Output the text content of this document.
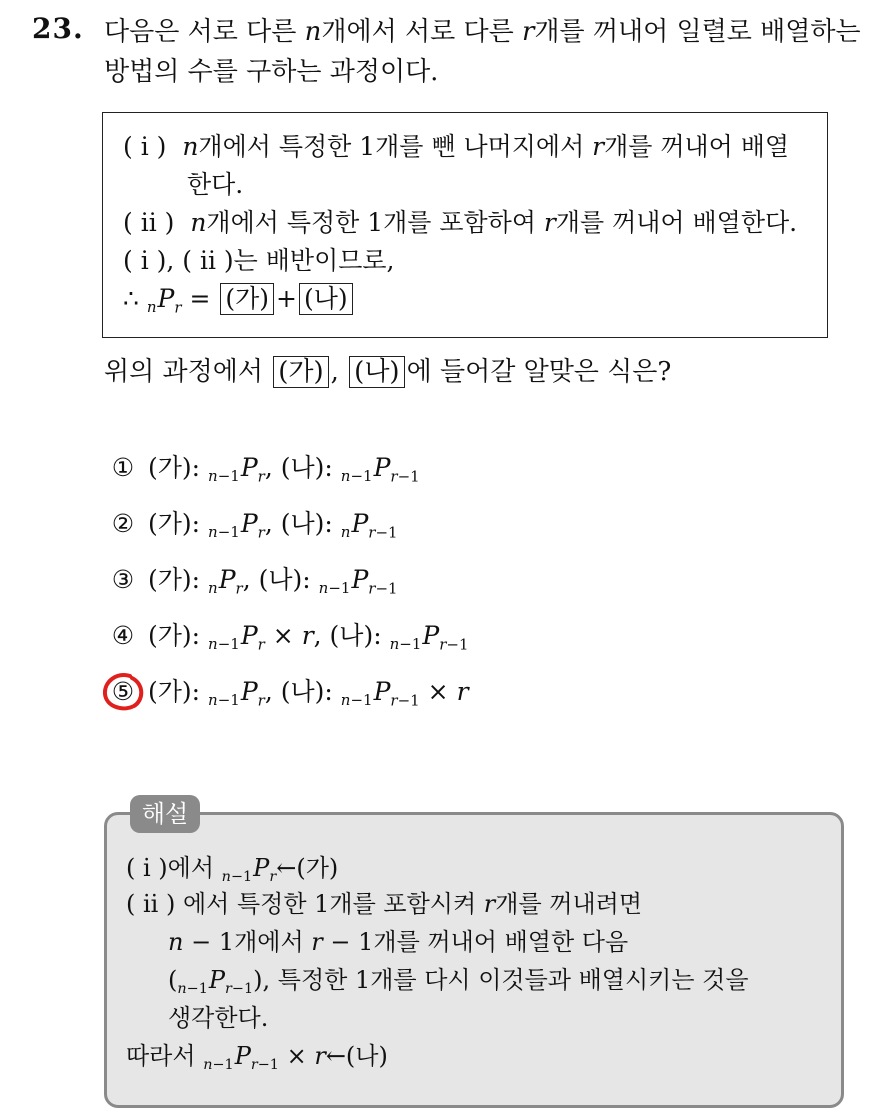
23. 다음은 서로 다른 n개에서 서로 다른 r개를 꺼내어 일렬로 배열하는
방법의 수를 구하는 과정이다.
( i ) n개에서 특정한 1개를 뺀 나머지에서 r개를 꺼내어 배열
한다.
( ii ) n개에서 특정한 1개를 포함하여 r개를 꺼내어 배열한다.
( i ), ( ii )는 배반이므로,
∴ $_nP_r$ = (가) + (나)
위의 과정에서 (가) , (나) 에 들어갈 알맞은 식은?
① (가): $_{n-1}P_r$, (나): $_{n-1}P_{r-1}$
② (가): $_{n-1}P_r$, (나): $_nP_{r-1}$
③ (가): $_nP_r$, (나): $_{n-1}P_{r-1}$
④ (가): $_{n-1}P_r \times r$, (나): $_{n-1}P_{r-1}$
⑤ (가): $_{n-1}P_r$, (나): $_{n-1}P_{r-1} \times r$
해설
( i )에서 $_{n-1}P_r\leftarrow$(가)
( ii ) 에서 특정한 1개를 포함시켜 r개를 꺼내려면
n − 1개에서 r − 1개를 꺼내어 배열한 다음
$(_{n-1}P_{r-1})$, 특정한 1개를 다시 이것들과 배열시키는 것을
생각한다.
따라서 $_{n-1}P_{r-1}$ × r←(나)
